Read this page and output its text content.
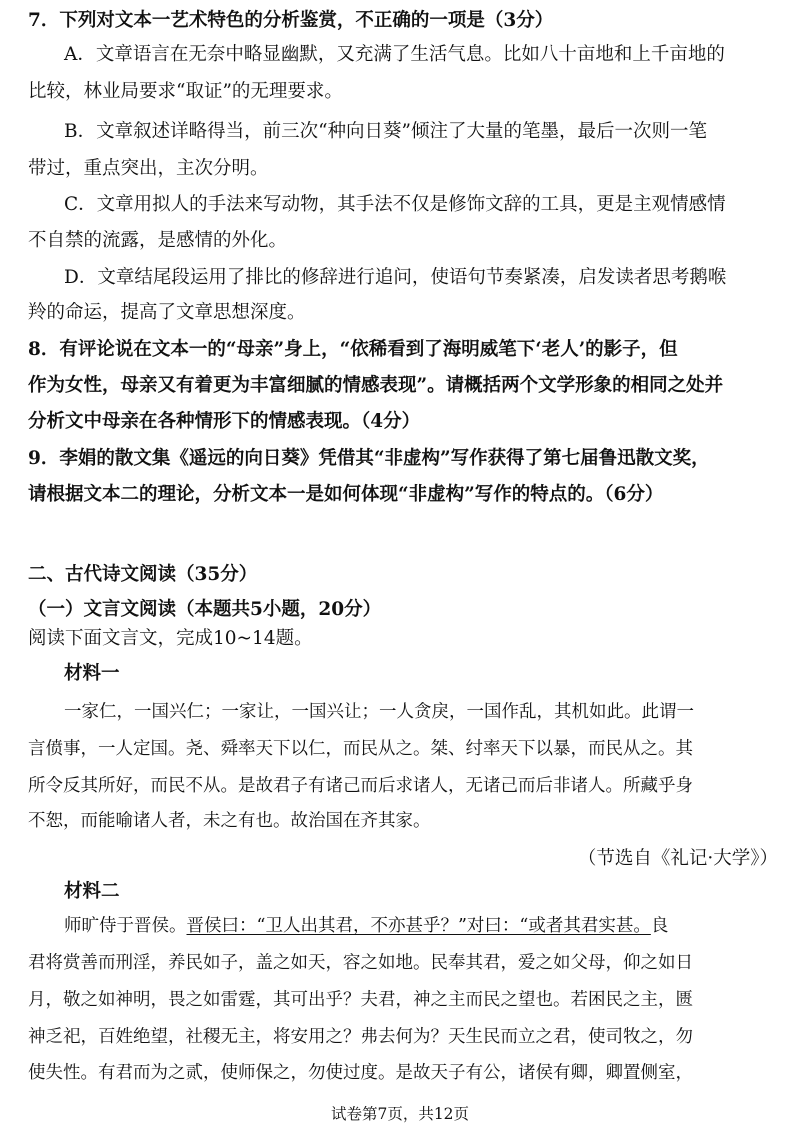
7．下列对文本一艺术特色的分析鉴赏，不正确的一项是（3分）
A．文章语言在无奈中略显幽默，又充满了生活气息。比如八十亩地和上千亩地的
比较，林业局要求“取证”的无理要求。
B．文章叙述详略得当，前三次“种向日葵”倾注了大量的笔墨，最后一次则一笔
带过，重点突出，主次分明。
C．文章用拟人的手法来写动物，其手法不仅是修饰文辞的工具，更是主观情感情
不自禁的流露，是感情的外化。
D．文章结尾段运用了排比的修辞进行追问，使语句节奏紧凑，启发读者思考鹅喉
羚的命运，提高了文章思想深度。
8．有评论说在文本一的“母亲”身上，“依稀看到了海明威笔下‘老人’的影子，但
作为女性，母亲又有着更为丰富细腻的情感表现”。请概括两个文学形象的相同之处并
分析文中母亲在各种情形下的情感表现。（4分）
9．李娟的散文集《遥远的向日葵》凭借其“非虚构”写作获得了第七届鲁迅散文奖，
请根据文本二的理论，分析文本一是如何体现“非虚构”写作的特点的。（6分）
二、古代诗文阅读（35分）
（一）文言文阅读（本题共5小题，20分）
阅读下面文言文，完成10~14题。
材料一
一家仁，一国兴仁；一家让，一国兴让；一人贪戾，一国作乱，其机如此。此谓一
言偾事，一人定国。尧、舜率天下以仁，而民从之。桀、纣率天下以暴，而民从之。其
所令反其所好，而民不从。是故君子有诸己而后求诸人，无诸己而后非诸人。所藏乎身
不恕，而能喻诸人者，未之有也。故治国在齐其家。
（节选自《礼记·大学》）
材料二
师旷侍于晋侯。晋侯曰：“卫人出其君，不亦甚乎？”对曰：“或者其君实甚。良
君将赏善而刑淫，养民如子，盖之如天，容之如地。民奉其君，爱之如父母，仰之如日
月，敬之如神明，畏之如雷霆，其可出乎？夫君，神之主而民之望也。若困民之主，匮
神乏祀，百姓绝望，社稷无主，将安用之？弗去何为？天生民而立之君，使司牧之，勿
使失性。有君而为之贰，使师保之，勿使过度。是故天子有公，诸侯有卿，卿置侧室，
试卷第7页，共12页
